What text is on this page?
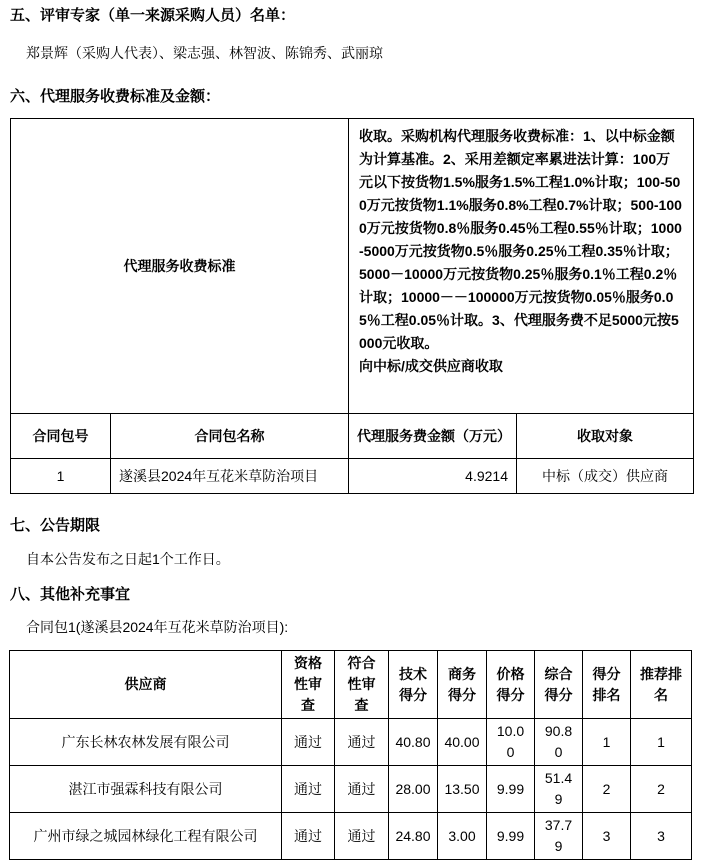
五、评审专家（单一来源采购人员）名单：
郑景辉（采购人代表）、梁志强、林智波、陈锦秀、武丽琼
六、代理服务收费标准及金额：
代理服务收费标准		收取。采购机构代理服务收费标准：1、以中标金额为计算基准。2、采用差额定率累进法计算：100万元以下按货物1.5%服务1.5%工程1.0%计取；100-500万元按货物1.1%服务0.8%工程0.7%计取；500-1000万元按货物0.8％服务0.45％工程0.55％计取；1000-5000万元按货物0.5％服务0.25％工程0.35％计取；5000－10000万元按货物0.25％服务0.1％工程0.2％计取；10000－－100000万元按货物0.05％服务0.05％工程0.05％计取。3、代理服务费不足5000元按5000元收取。
向中标/成交供应商收取	

合同包号	合同包名称	代理服务费金额（万元）	收取对象
1	遂溪县2024年互花米草防治项目	4.9214	中标（成交）供应商
七、公告期限
自本公告发布之日起1个工作日。
八、其他补充事宜
合同包1(遂溪县2024年互花米草防治项目):
供应商	资格性审查	符合性审查	技术得分	商务得分	价格得分	综合得分	得分排名	推荐排名
广东长林农林发展有限公司	通过	通过	40.80	40.00	10.00	90.80	1	1
湛江市强霖科技有限公司	通过	通过	28.00	13.50	9.99	51.49	2	2
广州市绿之城园林绿化工程有限公司	通过	通过	24.80	3.00	9.99	37.79	3	3
